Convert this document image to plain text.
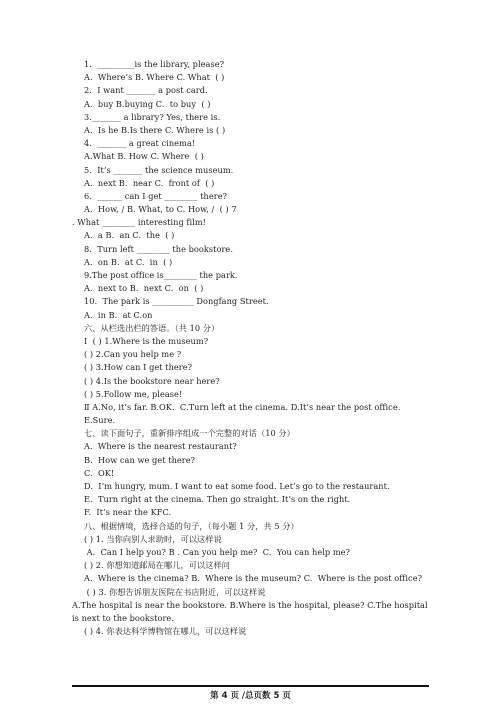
1.  _________is the library, please?
A.  Where’s B. Where C. What  ( )
2.  I want _______ a post card.
A.  buy B.buying C.  to buy  ( )
3._______ a library? Yes, there is.
A.  Is he B.Is there C. Where is ( )
4.  _______ a great cinema!
A.What B. How C. Where  ( )
5.  It’s _______ the science museum.
A.  next B.  near C.  front of  ( )
6.  ______ can I get ________ there?
A.  How, / B. What, to C. How, /  ( ) 7
. What ________ interesting film!
A.  a B.  an C.  the  ( )
8.  Turn left ________ the bookstore.
A.  on B.  at C.  in  ( )
9.The post office is________ the park.
A.  next to B.  next C.  on  ( )
10.  The park is __________ Dongfang Street.
A.  in B.  at C.on
六、从栏选出栏的答语。（共 10 分）
Ⅰ  ( ) 1.Where is the museum?
( ) 2.Can you help me ?
( ) 3.How can I get there?
( ) 4.Is the bookstore near here?
( ) 5.Follow me, please!
Ⅱ A.No, it’s far. B.OK.  C.Turn left at the cinema. D.It’s near the post office. E.Sure.
七、读下面句子，重新排序组成一个完整的对话（10 分）
A.  Where is the nearest restaurant?
B.  How can we get there?
C.  OK!
D.  I’m hungry, mum. I want to eat some food. Let’s go to the restaurant.
E.  Turn right at the cinema. Then go straight. It’s on the right.
F.  It’s near the KFC.
八、根据情境，选择合适的句子，（每小题 1 分，共 5 分）
( ) 1. 当你向别人求助时，可以这样说
A.  Can I help you? B . Can you help me?  C.  You can help me?
( ) 2. 你想知道邮局在哪儿，可以这样问
A.  Where is the cinema? B.  Where is the museum? C.  Where is the post office?
( ) 3. 你想告诉朋友医院在书店附近，可以这样说
A.The hospital is near the bookstore. B.Where is the hospital, please? C.The hospital is next to the bookstore.
( ) 4. 你表达科学博物馆在哪儿，可以这样说
第 4 页 /总页数 5 页
